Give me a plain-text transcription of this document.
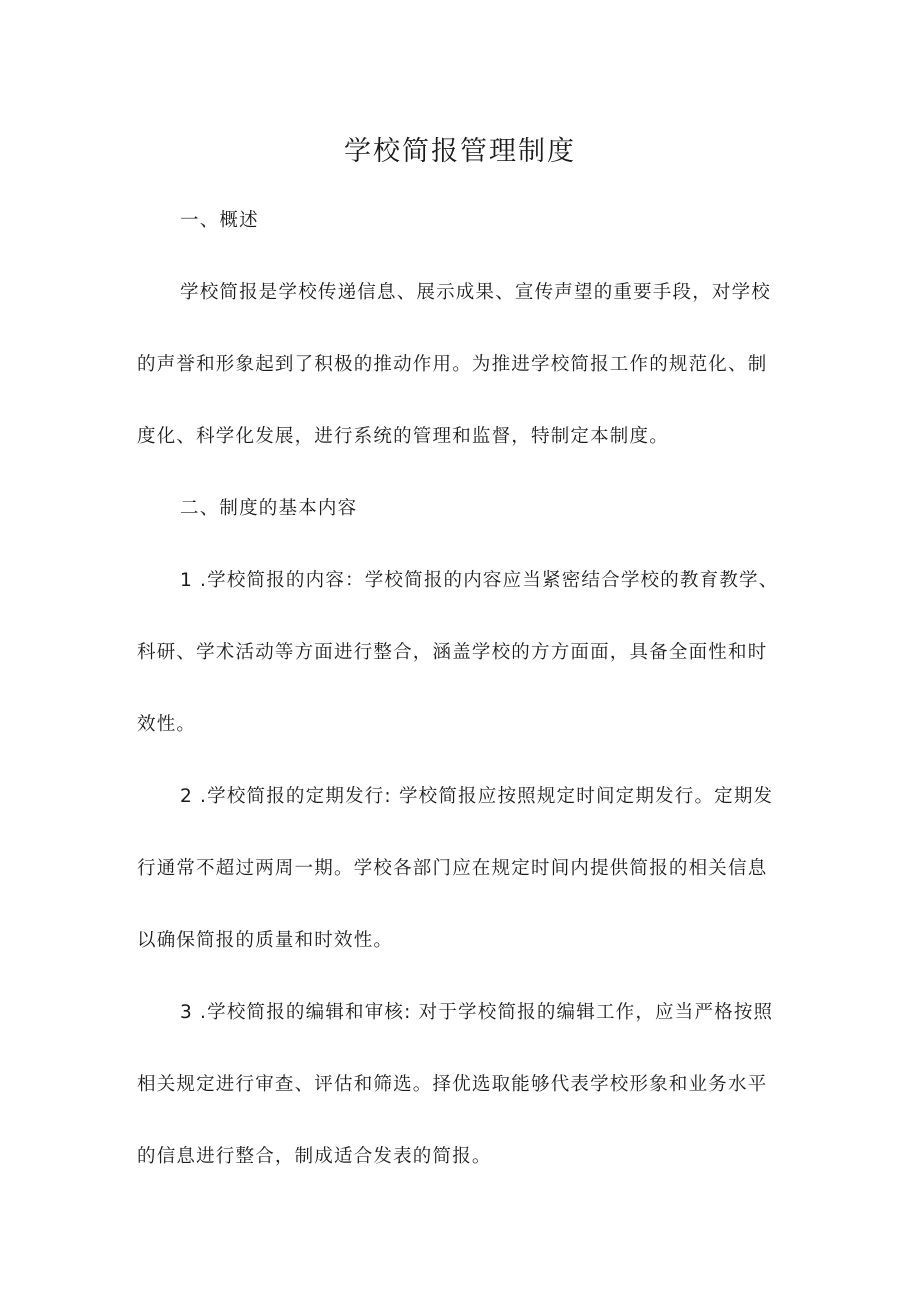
学校简报管理制度
一、概述
学校简报是学校传递信息、展示成果、宣传声望的重要手段，对学校
的声誉和形象起到了积极的推动作用。为推进学校简报工作的规范化、制
度化、科学化发展，进行系统的管理和监督，特制定本制度。
二、制度的基本内容
1 .学校简报的内容：学校简报的内容应当紧密结合学校的教育教学、
科研、学术活动等方面进行整合，涵盖学校的方方面面，具备全面性和时
效性。
2 .学校简报的定期发行: 学校简报应按照规定时间定期发行。定期发
行通常不超过两周一期。学校各部门应在规定时间内提供简报的相关信息
以确保简报的质量和时效性。
3 .学校简报的编辑和审核: 对于学校简报的编辑工作，应当严格按照
相关规定进行审查、评估和筛选。择优选取能够代表学校形象和业务水平
的信息进行整合，制成适合发表的简报。
